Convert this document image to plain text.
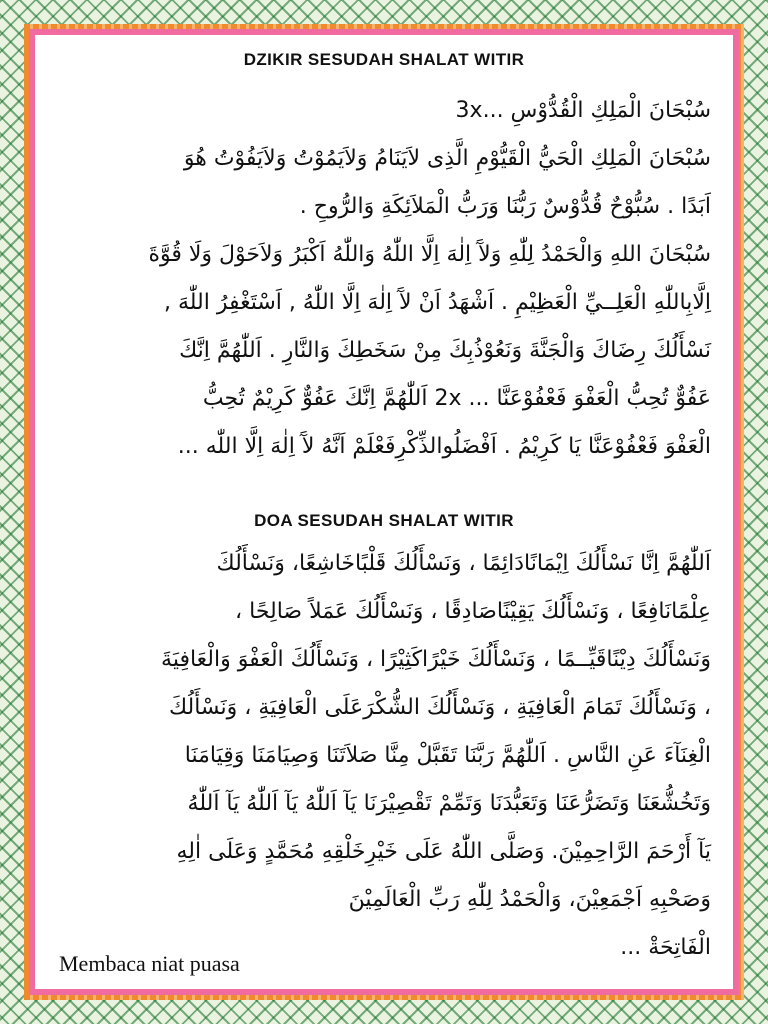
DZIKIR SESUDAH SHALAT WITIR
سُبْحَانَ الْمَلِكِ الْقُدُّوْسِ ...3x
سُبْحَانَ الْمَلِكِ الْحَيُّ الْقَيُّوْمِ الَّذِى لاَيَنَامُ وَلاَيَمُوْتُ وَلاَيَفُوْتُ هُوَ
اَبَدًا . سُبُّوْحٌ قُدُّوْسٌ رَبُّنَا وَرَبُّ الْمَلاَئِكَةِ وَالرُّوحِ .
سُبْحَانَ اللهِ وَالْحَمْدُ لِلّٰهِ وَلآَ اِلٰهَ اِلَّا اللّٰهُ وَاللّٰهُ اَكْبَرُ وَلاَحَوْلَ وَلَا قُوَّةَ
اِلَّابِاللّٰهِ الْعَلِــيِّ الْعَظِيْمِ . اَشْهَدُ اَنْ لآَ اِلٰهَ اِلَّا اللّٰهُ , اَسْتَغْفِرُ اللّٰهَ ,
نَسْأَلُكَ رِضَاكَ وَالْجَنَّةَ وَنَعُوْذُبِكَ مِنْ سَخَطِكَ وَالنَّارِ . اَللّٰهُمَّ اِنَّكَ
عَفُوٌّ تُحِبُّ الْعَفْوَ فَعْفُوْعَنَّا ... 2x اَللّٰهُمَّ اِنَّكَ عَفُوٌّ كَرِيْمٌ تُحِبُّ
الْعَفْوَ فَعْفُوْعَنَّا يَا كَرِيْمُ . اَفْضَلُوالذِّكْرِفَعْلَمْ اَنَّهُ لآَ اِلٰهَ اِلَّا اللّٰه ...
DOA SESUDAH SHALAT WITIR
اَللّٰهُمَّ اِنَّا نَسْأَلُكَ اِيْمَانًادَائِمًا ، وَنَسْأَلُكَ قَلْبًاخَاشِعًا، وَنَسْأَلُكَ
عِلْمًانَافِعًا ، وَنَسْأَلُكَ يَقِيْنًاصَادِقًا ، وَنَسْأَلُكَ عَمَلاً صَالِحًا ،
وَنَسْأَلُكَ دِيْنًاقَيِّــمًا ، وَنَسْأَلُكَ خَيْرًاكَثِيْرًا ، وَنَسْأَلُكَ الْعَفْوَ وَالْعَافِيَةَ
، وَنَسْأَلُكَ تَمَامَ الْعَافِيَةِ ، وَنَسْأَلُكَ الشُّكْرَعَلَى الْعَافِيَةِ ، وَنَسْأَلُكَ
الْغِنَآءَ عَنِ النَّاسِ . اَللّٰهُمَّ رَبَّنَا تَقَبَّلْ مِنَّا صَلاَتَنَا وَصِيَامَنَا وَقِيَامَنَا
وَتَخُشُّعَنَا وَتَضَرُّعَنَا وَتَعَبُّدَنَا وَتَمِّمْ تَقْصِيْرَنَا يَآ اَللّٰهُ يَآ اَللّٰهُ يَآ اَللّٰهُ
يَآ أَرْحَمَ الرَّاحِمِيْنَ. وَصَلَّى اللّٰهُ عَلَى خَيْرِخَلْقِهِ مُحَمَّدٍ وَعَلَى اٰلِهِ
وَصَحْبِهِ اَجْمَعِيْنَ، وَالْحَمْدُ لِلّٰهِ رَبِّ الْعَالَمِيْنَ
الْفَاتِحَةْ ...
Membaca niat puasa
